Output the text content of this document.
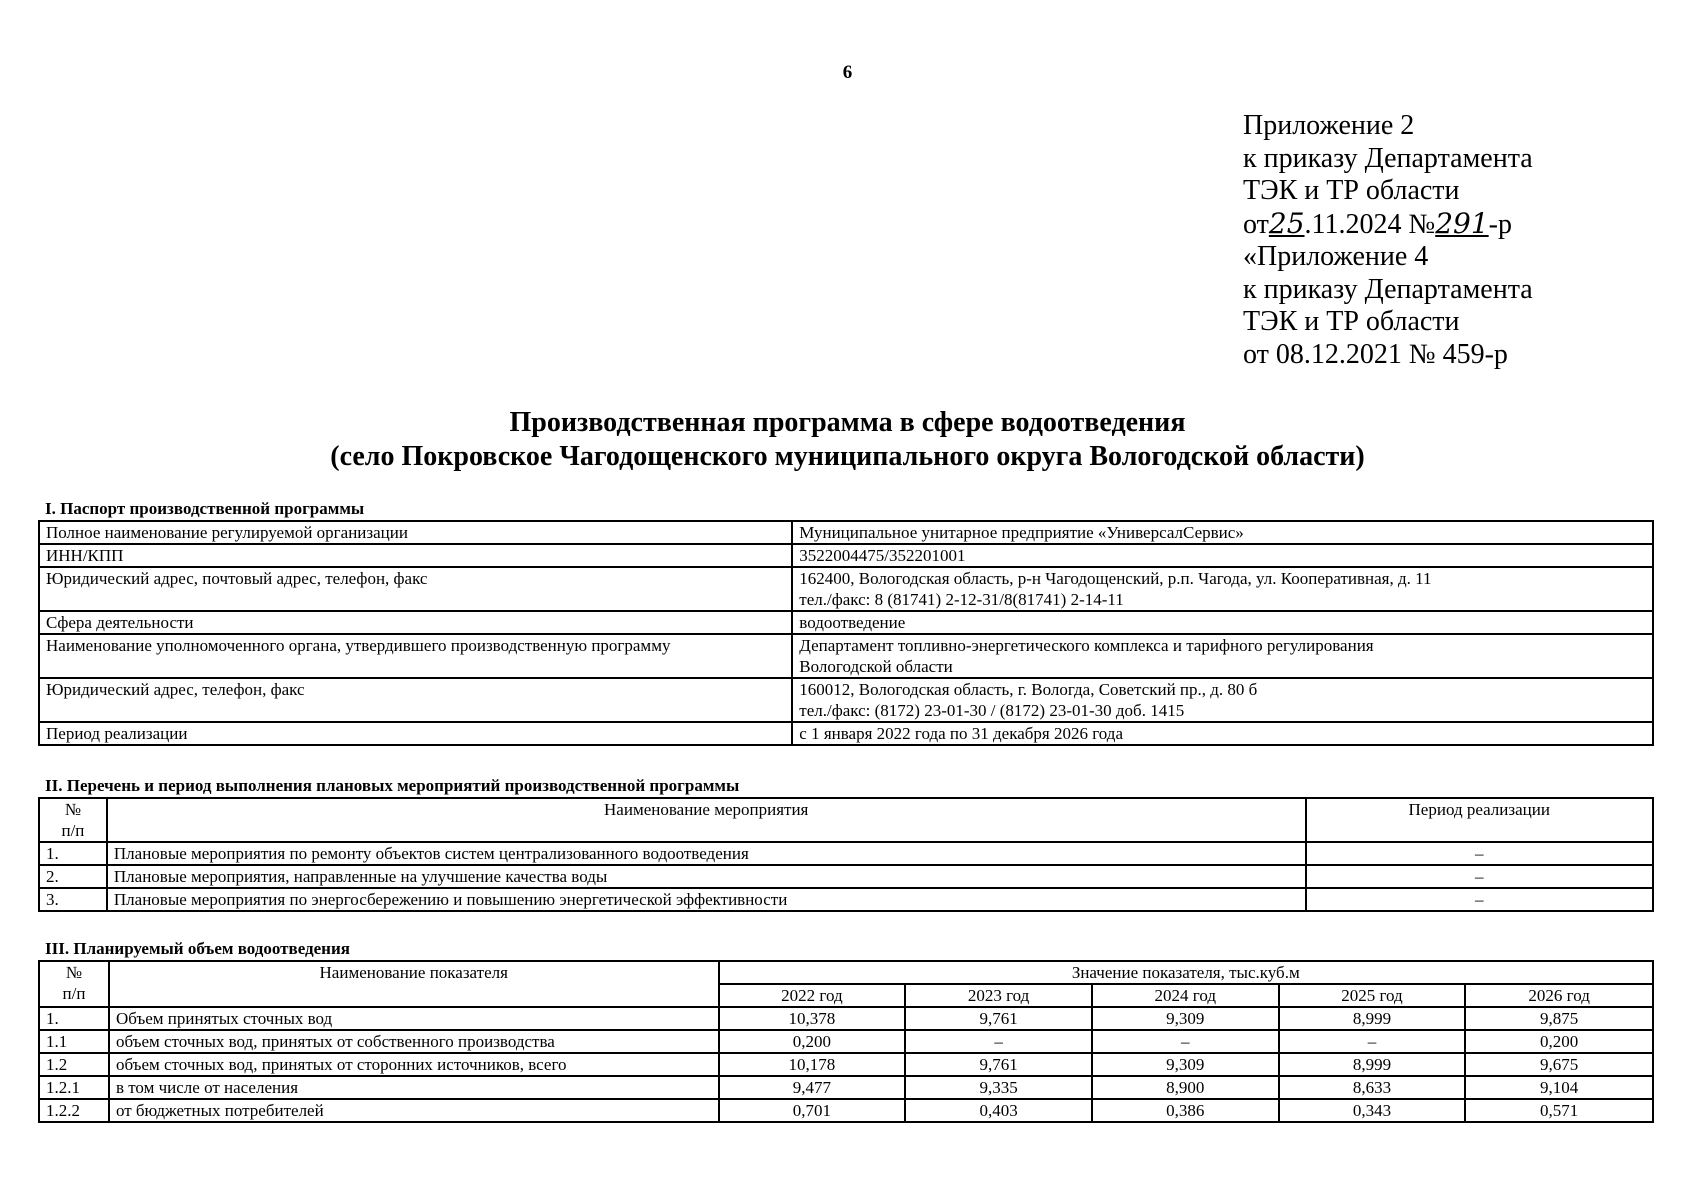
6
Приложение 2
к приказу Департамента
ТЭК и ТР области
от25.11.2024 №291-р
«Приложение 4
к приказу Департамента
ТЭК и ТР области
от 08.12.2021 № 459-р
Производственная программа в сфере водоотведения
(село Покровское Чагодощенского муниципального округа Вологодской области)
I. Паспорт производственной программы
Полное наименование регулируемой организации	Муниципальное унитарное предприятие «УниверсалСервис»
ИНН/КПП	3522004475/352201001
Юридический адрес, почтовый адрес, телефон, факс	162400, Вологодская область, р-н Чагодощенский, р.п. Чагода, ул. Кооперативная, д. 11
тел./факс: 8 (81741) 2-12-31/8(81741) 2-14-11

Сфера деятельности	водоотведение
Наименование уполномоченного органа, утвердившего производственную программу	Департамент топливно-энергетического комплекса и тарифного регулирования
Вологодской области

Юридический адрес, телефон, факс	160012, Вологодская область, г. Вологда, Советский пр., д. 80 б
тел./факс: (8172) 23-01-30 / (8172) 23-01-30 доб. 1415

Период реализации	с 1 января 2022 года по 31 декабря 2026 года
II. Перечень и период выполнения плановых мероприятий производственной программы
№
п/п	Наименование мероприятия	Период реализации
1.	Плановые мероприятия по ремонту объектов систем централизованного водоотведения	–
2.	Плановые мероприятия, направленные на улучшение качества воды	–
3.	Плановые мероприятия по энергосбережению и повышению энергетической эффективности	–
III. Планируемый объем водоотведения
№
п/п	Наименование показателя	Значение показателя, тыс.куб.м				
		2022 год	2023 год	2024 год	2025 год	2026 год
1.	Объем принятых сточных вод	10,378	9,761	9,309	8,999	9,875
1.1	объем сточных вод, принятых от собственного производства	0,200	–	–	–	0,200
1.2	объем сточных вод, принятых от сторонних источников, всего	10,178	9,761	9,309	8,999	9,675
1.2.1	в том числе от населения	9,477	9,335	8,900	8,633	9,104
1.2.2	от бюджетных потребителей	0,701	0,403	0,386	0,343	0,571
